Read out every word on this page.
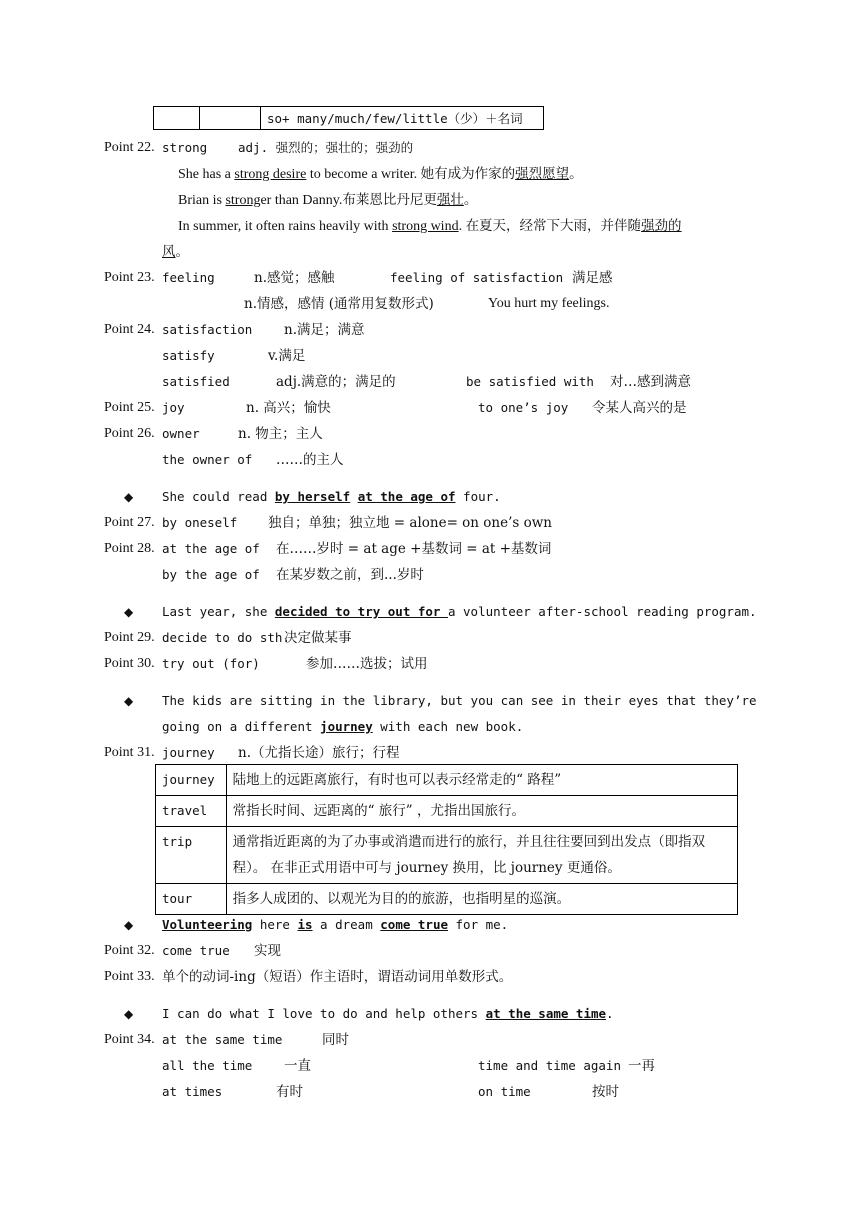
		so+ many/much/few/little（少）＋名词
Point 22. strong adj. 强烈的；强壮的；强劲的
She has a strong desire to become a writer. 她有成为作家的强烈愿望。
Brian is stronger than Danny.布莱恩比丹尼更强壮。
In summer, it often rains heavily with strong wind. 在夏天，经常下大雨，并伴随强劲的
风。
Point 23. feeling	n.感觉；感触	feeling of satisfaction 满足感
n.情感，感情 (通常用复数形式)	You hurt my feelings.
Point 24. satisfaction n.满足；满意
satisfy	v.满足
satisfied	adj.满意的；满足的	be satisfied with 对…感到满意
Point 25. joy	n. 高兴；愉快	to one’s joy 令某人高兴的是
Point 26. owner	n. 物主；主人
the owner of ……的主人
◆ She could read by herself at the age of four.
Point 27. by oneself 独自；单独；独立地 = alone= on one’s own
Point 28. at the age of 在……岁时 = at age +基数词 = at +基数词
by the age of 在某岁数之前，到...岁时
◆ Last year, she decided to try out for a volunteer after-school reading program.
Point 29. decide to do sth.
决定做某事
Point 30. try out (for)	参加……选拔；试用
◆ The kids are sitting in the library, but you can see in their eyes that they’re
going on a different journey with each new book.
Point 31. journey n.（尤指长途）旅行；行程
journey	陆地上的远距离旅行，有时也可以表示经常走的“ 路程”
travel	常指长时间、远距离的“ 旅行” ，尤指出国旅行。
trip	通常指近距离的为了办事或消遣而进行的旅行，并且往往要回到出发点（即指双程）。 在非正式用语中可与 journey 换用，比 journey 更通俗。
tour	指多人成团的、以观光为目的的旅游，也指明星的巡演。
◆ Volunteering here is a dream come true for me.
Point 32. come true 实现
Point 33. 单个的动词-ing（短语）作主语时，谓语动词用单数形式。
◆ I can do what I love to do and help others at the same time.
Point 34. at the same time	同时
all the time 一直	time and time again 一再
at times	有时	on time	按时
